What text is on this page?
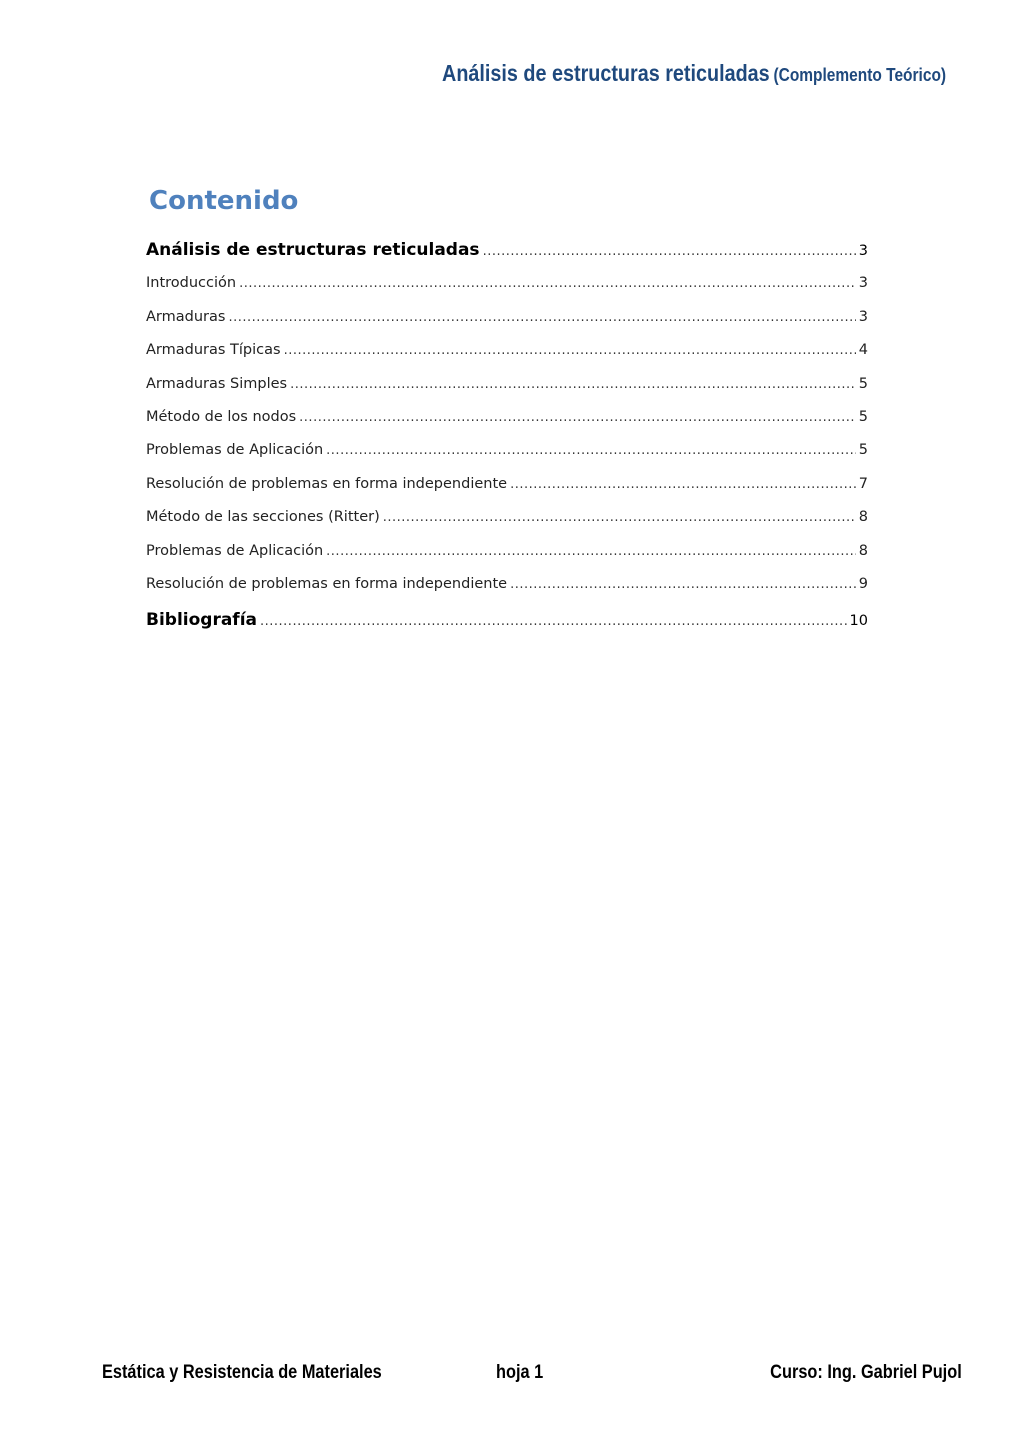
Análisis de estructuras reticuladas (Complemento Teórico)
Contenido
Análisis de estructuras reticuladas .....	3
Introducción .....	3
Armaduras .....	3
Armaduras Típicas .....	4
Armaduras Simples .....	5
Método de los nodos .....	5
Problemas de Aplicación .....	5
Resolución de problemas en forma independiente .....	7
Método de las secciones (Ritter) .....	8
Problemas de Aplicación .....	8
Resolución de problemas en forma independiente .....	9
Bibliografía .....	10
Estática y Resistencia de Materiales	hoja 1	Curso: Ing. Gabriel Pujol
